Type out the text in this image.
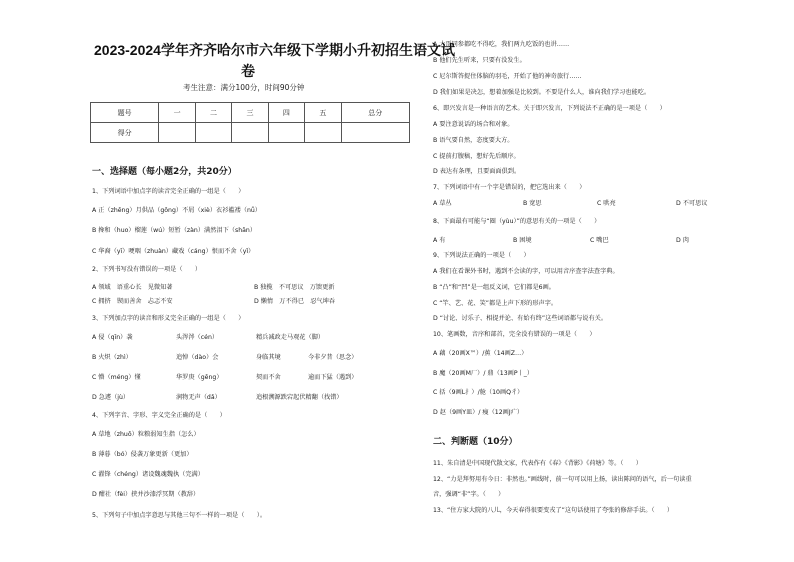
2023-2024学年齐齐哈尔市六年级下学期小升初招生语文试
卷
考生注意：满分100分，时间90分钟
题号	一	二	三	四	五	总分
得分						
一、选择题（每小题2分，共20分）
1、下列词语中加点字的读音完全正确的一组是（　　）
A 正（zhēng）月供品（gōng）不屑（xiè）衣衫褴褛（nǚ）
B 搀和（huo）榴莲（wú）短暂（zàn）满然泪下（shān）
C 华裔（yī）哽咽（zhuàn）藏戏（cáng）恨而不舍（yǐ）
2、下列书写没有错误的一项是（　　）
A 领域　语重心长　见微知著	B 独揽　不可思议　万馈更新
C 拥挤　锲而善舍　忐忑不安	D 懒惰　万不得已　忍气坤吞
3、下列加点字的读音和形义完全正确的一组是（　　）
A 侵（qīn）袭	头涔涔（cén）	精兵减政走马观花（脚）
B 火炽（zhì）	追悼（dào）会	身临其境	今非夕昔（思念）
C 懵（méng）懂	华罗庚（gēng）	契而不舍	逾而下猛（遇到）
D 急遽（jù）	润物无声（dǎ）	追根溯源跌宕起伏精翻（找错）
4、下列字音、字形、字义完全正确的是（　　）
A 草地（zhuō）粒粮弱知生指（怎么）
B 薄暮（bó）侵袭万象更新（更加）
C 濯锋（chéng）诸设魏魂魏执（完满）
D 酣社（fèi）挟并沙漆浮冥期（教辞）
5、下列句子中加点字意思与其他三句不一样的一项是（　　）。
A 大哥同参都吃不得吃，我们两九吃饭的也讲……
B 他们先生听来，只要有没发生。
C 尼尔斯答捉住体脑的羽毛，开始了他的神奇旅行……
D 我们如果是决怎，想着加强是比较到。不要是什么人，谁向我们学习也能吃。
6、即兴发言是一种语言的艺术。关于即兴发言，下列说法不正确的是一项是（　　）
A 要注意说话的场合和对象。
B 语气要自然，态度要大方。
C 提前打腹稿，想好先后顺序。
D 表达有条理，且要面面俱到。
7、下列词语中有一个字是错误的，把它选出来（　　）
A 草丛	B 宽思	C 哄亮	D 不可思议
8、下面最有可能与“圈（yùu）”的意思有关的一项是（　　）
A 有	B 困境	C 嘴巴	D 肉
9、下列说法正确的一项是（　　）
A 我们在看课外书时，遇到不会读的字，可以用音序查字法查字典。
B “凸”和“凹”是一组反义词，它们都是6画。
C “竿、艺、花、笑”都是上声下形的形声字。
D “讨论、讨乐子、相提并论、有始有终”这些词语都与说有关。
10、笔画数，音序和部首，完全没有错误的一项是（　　）
A 藕（20画X™）/蕉（14画Z…）
B 魔（20画M厂）/ 鼎（13画P丨_）
C 括（9画L扌）/舱（10画Q彳）
D 赵（9画Y皿）/ 瘦（12画J疒）
二、判断题（10分）
11、朱自清是中国现代散文家，代表作有《春》《背影》《荷塘》等。（　　）
12、“力是拜努用有今日：非然也。”画线时，前一句可以用上扬，读出陈问的语气，后一句读重
音，强调“非”字。（　　）
13、“住方家大院的八儿，今天春得很要变戎了”这句话使用了夸张的修辞手法。（　　）
